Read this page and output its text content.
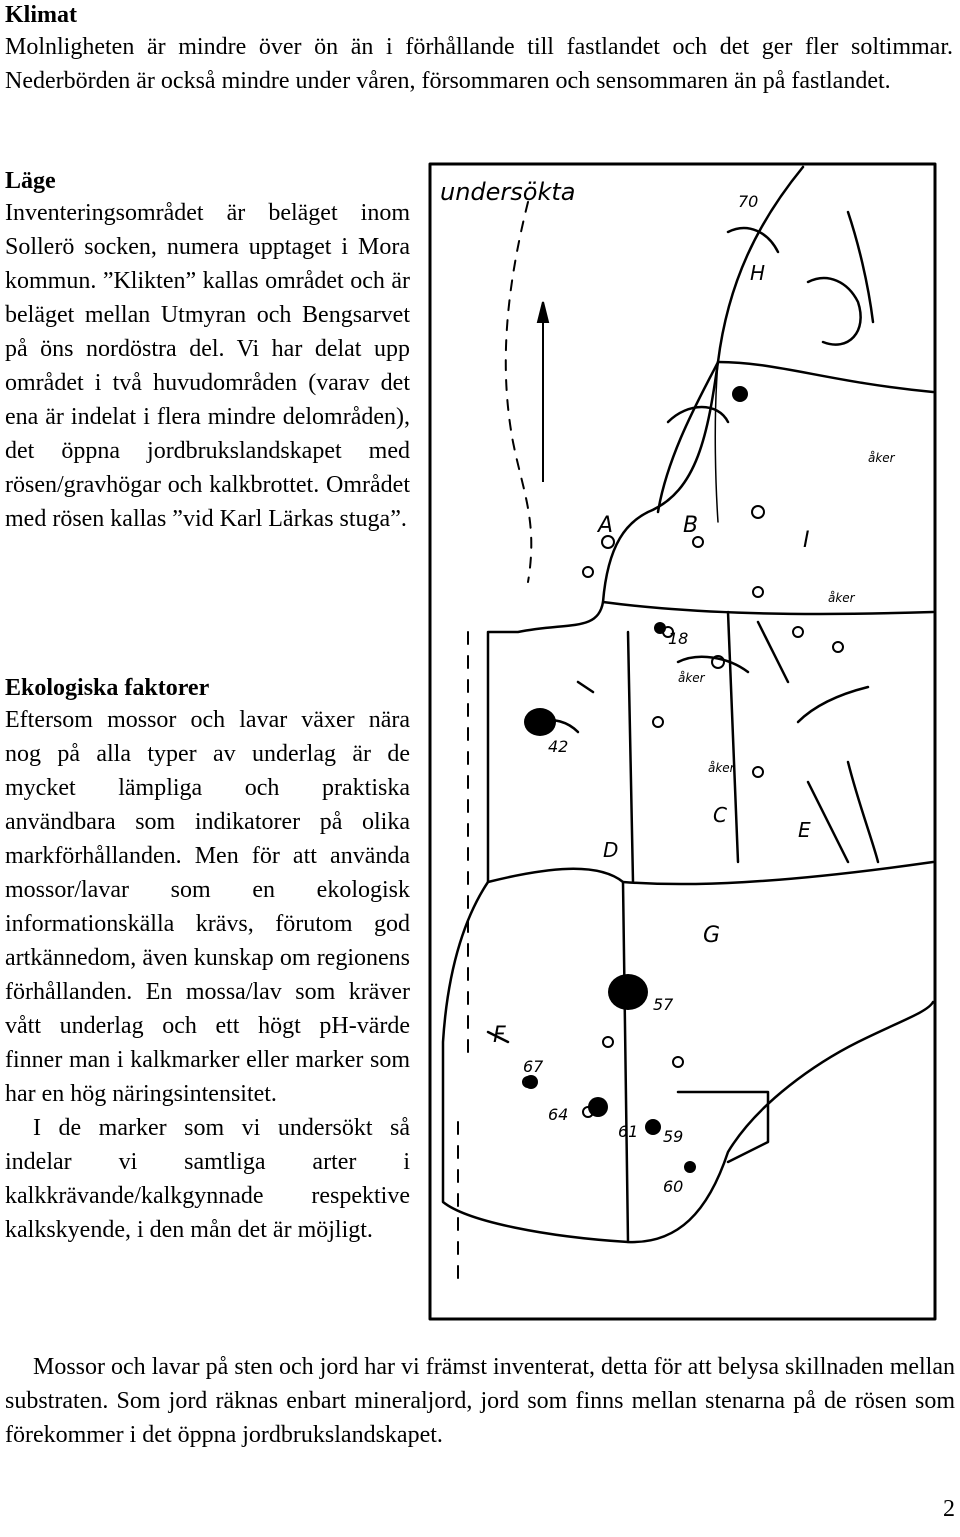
Klimat

Molnligheten är mindre över ön än i förhållande till fastlandet och det ger fler soltimmar. Nederbörden är också mindre under våren, försommaren och sensommaren än på fastlandet.

Läge

Inventeringsområdet är beläget inom Sollerö socken, numera upptaget i Mora kommun. ”Klikten” kallas området och är beläget mellan Utmyran och Bengsarvet på öns nordöstra del. Vi har delat upp området i två huvudområden (varav det ena är indelat i flera mindre delområden), det öppna jordbrukslandskapet med rösen/gravhögar och kalkbrottet. Området med rösen kallas ”vid Karl Lärkas stuga”.

Ekologiska faktorer

Eftersom mossor och lavar växer nära nog på alla typer av underlag är de mycket lämpliga och praktiska användbara som indikatorer på olika markförhållanden. Men för att använda mossor/lavar som en ekologisk informationskälla krävs, förutom god artkännedom, även kunskap om regionens förhållanden. En mossa/lav som kräver vått underlag och ett högt pH-värde finner man i kalkmarker eller marker som har en hög näringsintensitet.

I de marker som vi undersökt så indelar vi samtliga arter i kalkkrävande/kalkgynnade respektive kalkskyende, i den mån det är möjligt.

Mossor och lavar på sten och jord har vi främst inventerat, detta för att belysa skillnaden mellan substraten. Som jord räknas enbart mineraljord, jord som finns mellan stenarna på de rösen som förekommer i det öppna jordbrukslandskapet.

2
undersökta
H
A	B
I
C
D
E
G
F
70
18
42
57
67
64
61 59
60
åker
åker
åker
åker
